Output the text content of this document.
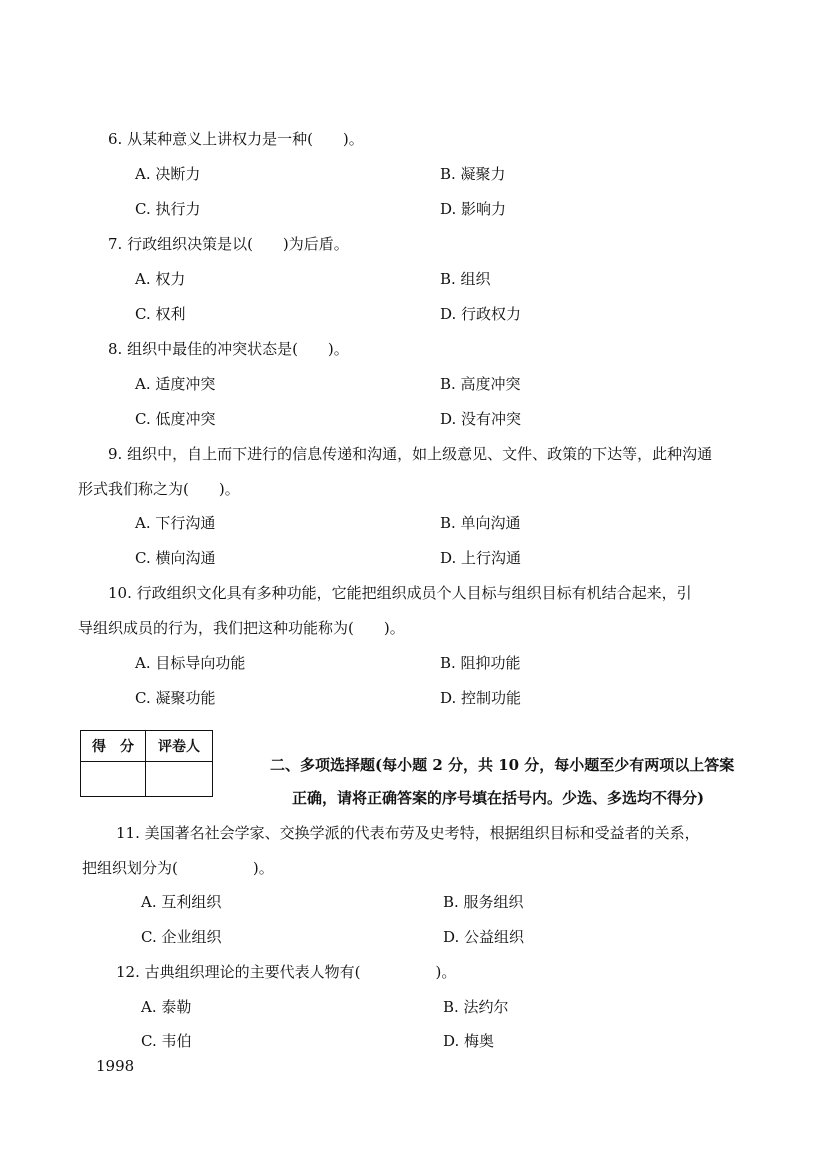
6. 从某种意义上讲权力是一种(　　)。
A. 决断力	B. 凝聚力
C. 执行力	D. 影响力
7. 行政组织决策是以(　　)为后盾。
A. 权力	B. 组织
C. 权利	D. 行政权力
8. 组织中最佳的冲突状态是(　　)。
A. 适度冲突	B. 高度冲突
C. 低度冲突	D. 没有冲突
9. 组织中，自上而下进行的信息传递和沟通，如上级意见、文件、政策的下达等，此种沟通
形式我们称之为(　　)。
A. 下行沟通	B. 单向沟通
C. 横向沟通	D. 上行沟通
10. 行政组织文化具有多种功能，它能把组织成员个人目标与组织目标有机结合起来，引
导组织成员的行为，我们把这种功能称为(　　)。
A. 目标导向功能	B. 阻抑功能
C. 凝聚功能	D. 控制功能
得　分	评卷人

二、多项选择题(每小题 2 分，共 10 分，每小题至少有两项以上答案
正确，请将正确答案的序号填在括号内。少选、多选均不得分)
11. 美国著名社会学家、交换学派的代表布劳及史考特，根据组织目标和受益者的关系，
把组织划分为(　　　　　)。
A. 互利组织	B. 服务组织
C. 企业组织	D. 公益组织
12. 古典组织理论的主要代表人物有(　　　　　)。
A. 泰勒	B. 法约尔
C. 韦伯	D. 梅奥
1998
